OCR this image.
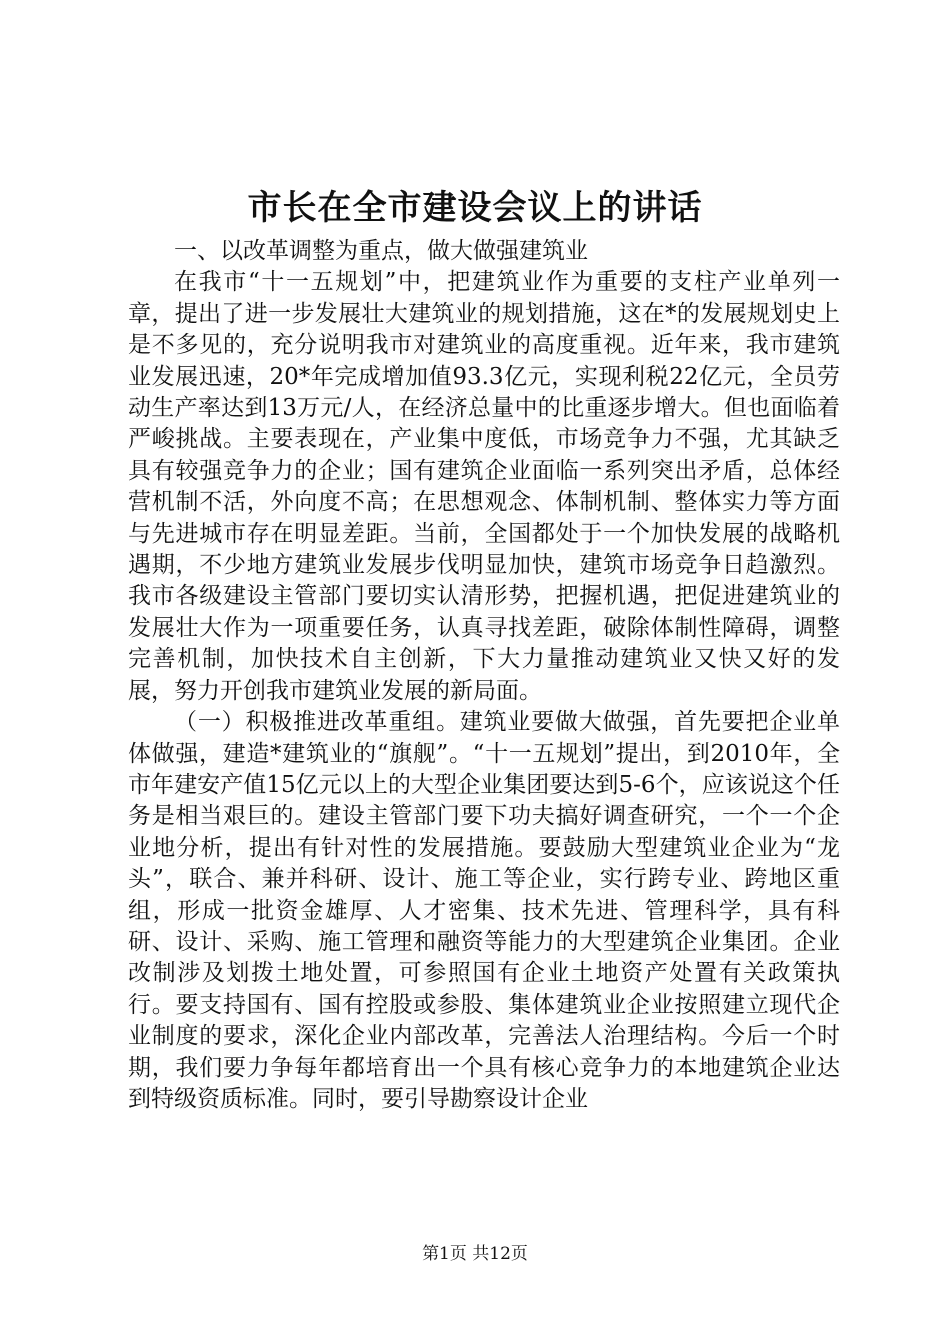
市长在全市建设会议上的讲话

一、以改革调整为重点，做大做强建筑业

在我市“十一五规划”中，把建筑业作为重要的支柱产业单列一章，提出了进一步发展壮大建筑业的规划措施，这在*的发展规划史上是不多见的，充分说明我市对建筑业的高度重视。近年来，我市建筑业发展迅速，20*年完成增加值93.3亿元，实现利税22亿元，全员劳动生产率达到13万元/人，在经济总量中的比重逐步增大。但也面临着严峻挑战。主要表现在，产业集中度低，市场竞争力不强，尤其缺乏具有较强竞争力的企业；国有建筑企业面临一系列突出矛盾，总体经营机制不活，外向度不高；在思想观念、体制机制、整体实力等方面与先进城市存在明显差距。当前，全国都处于一个加快发展的战略机遇期，不少地方建筑业发展步伐明显加快，建筑市场竞争日趋激烈。我市各级建设主管部门要切实认清形势，把握机遇，把促进建筑业的发展壮大作为一项重要任务，认真寻找差距，破除体制性障碍，调整完善机制，加快技术自主创新，下大力量推动建筑业又快又好的发展，努力开创我市建筑业发展的新局面。

（一）积极推进改革重组。建筑业要做大做强，首先要把企业单体做强，建造*建筑业的“旗舰”。“十一五规划”提出，到2010年，全市年建安产值15亿元以上的大型企业集团要达到5-6个，应该说这个任务是相当艰巨的。建设主管部门要下功夫搞好调查研究，一个一个企业地分析，提出有针对性的发展措施。要鼓励大型建筑业企业为“龙头”，联合、兼并科研、设计、施工等企业，实行跨专业、跨地区重组，形成一批资金雄厚、人才密集、技术先进、管理科学，具有科研、设计、采购、施工管理和融资等能力的大型建筑企业集团。企业改制涉及划拨土地处置，可参照国有企业土地资产处置有关政策执行。要支持国有、国有控股或参股、集体建筑业企业按照建立现代企业制度的要求，深化企业内部改革，完善法人治理结构。今后一个时期，我们要力争每年都培育出一个具有核心竞争力的本地建筑企业达到特级资质标准。同时，要引导勘察设计企业

第1页 共12页
